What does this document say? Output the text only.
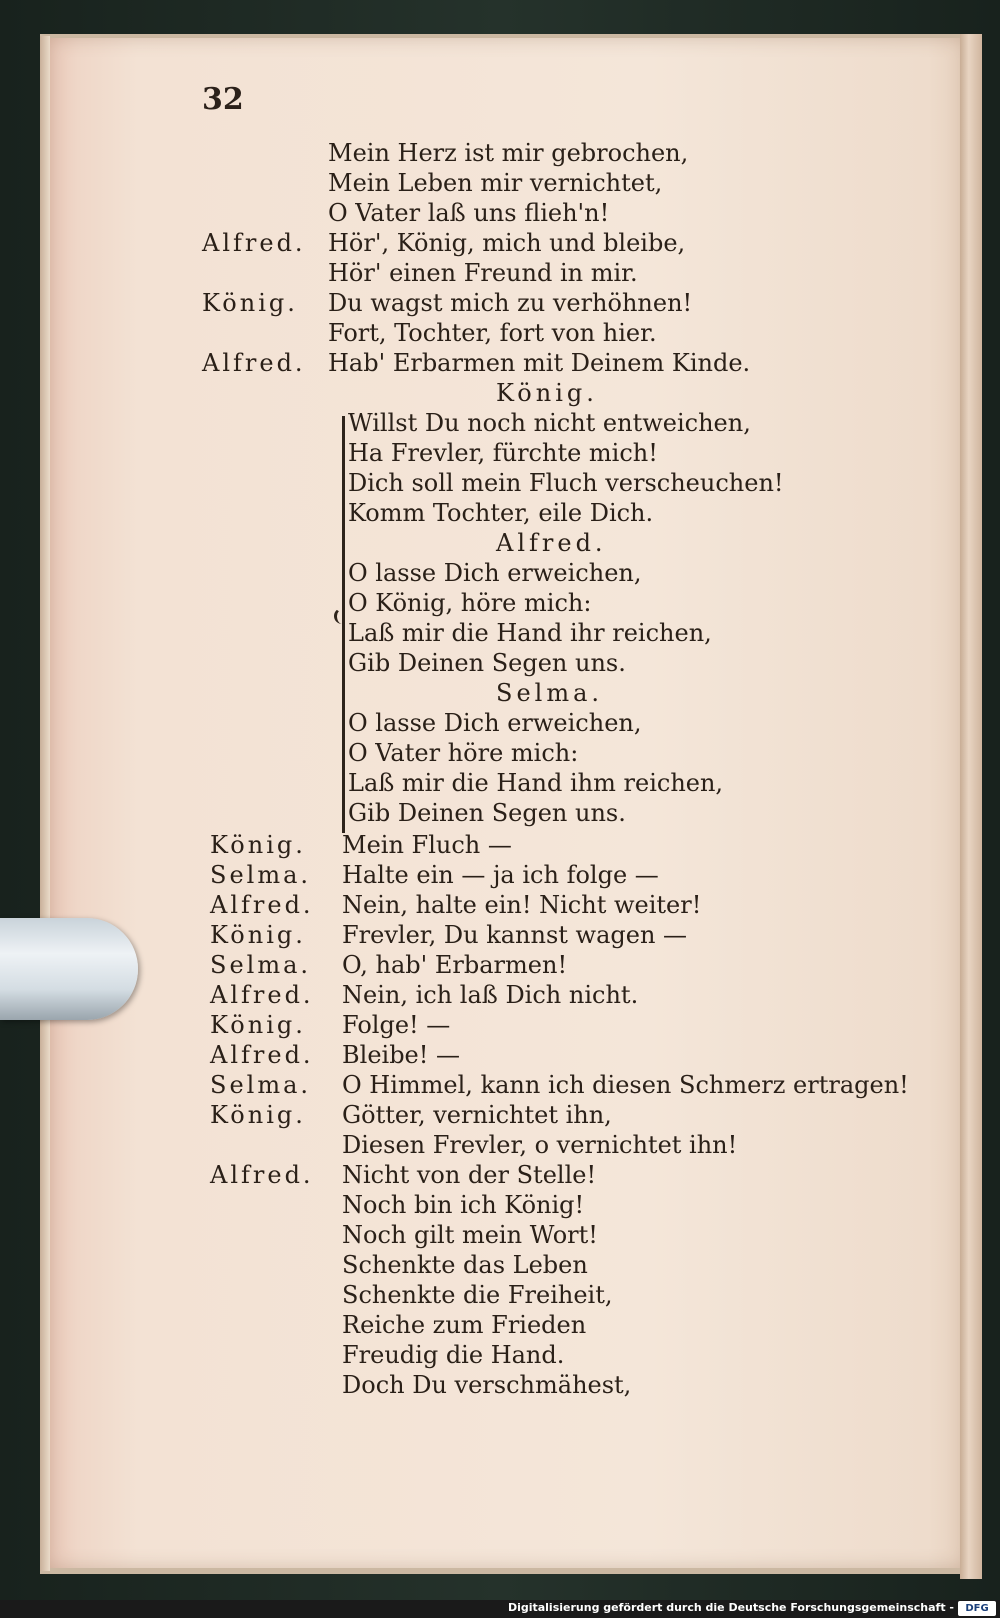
32
Mein Herz ist mir gebrochen,
Mein Leben mir vernichtet,
O Vater laß uns flieh'n!
Alfred. Hör', König, mich und bleibe,
Hör' einen Freund in mir.
König. Du wagst mich zu verhöhnen!
Fort, Tochter, fort von hier.
Alfred. Hab' Erbarmen mit Deinem Kinde.
König.
Willst Du noch nicht entweichen,
Ha Frevler, fürchte mich!
Dich soll mein Fluch verscheuchen!
Komm Tochter, eile Dich.
Alfred.
O lasse Dich erweichen,
O König, höre mich:
Laß mir die Hand ihr reichen,
Gib Deinen Segen uns.
Selma.
O lasse Dich erweichen,
O Vater höre mich:
Laß mir die Hand ihm reichen,
Gib Deinen Segen uns.
König. Mein Fluch —
Selma. Halte ein — ja ich folge —
Alfred. Nein, halte ein! Nicht weiter!
König. Frevler, Du kannst wagen —
Selma. O, hab' Erbarmen!
Alfred. Nein, ich laß Dich nicht.
König. Folge! —
Alfred. Bleibe! —
Selma. O Himmel, kann ich diesen Schmerz ertragen!
König. Götter, vernichtet ihn,
Diesen Frevler, o vernichtet ihn!
Alfred. Nicht von der Stelle!
Noch bin ich König!
Noch gilt mein Wort!
Schenkte das Leben
Schenkte die Freiheit,
Reiche zum Frieden
Freudig die Hand.
Doch Du verschmähest,
Digitalisierung gefördert durch die Deutsche Forschungsgemeinschaft -	DFG
